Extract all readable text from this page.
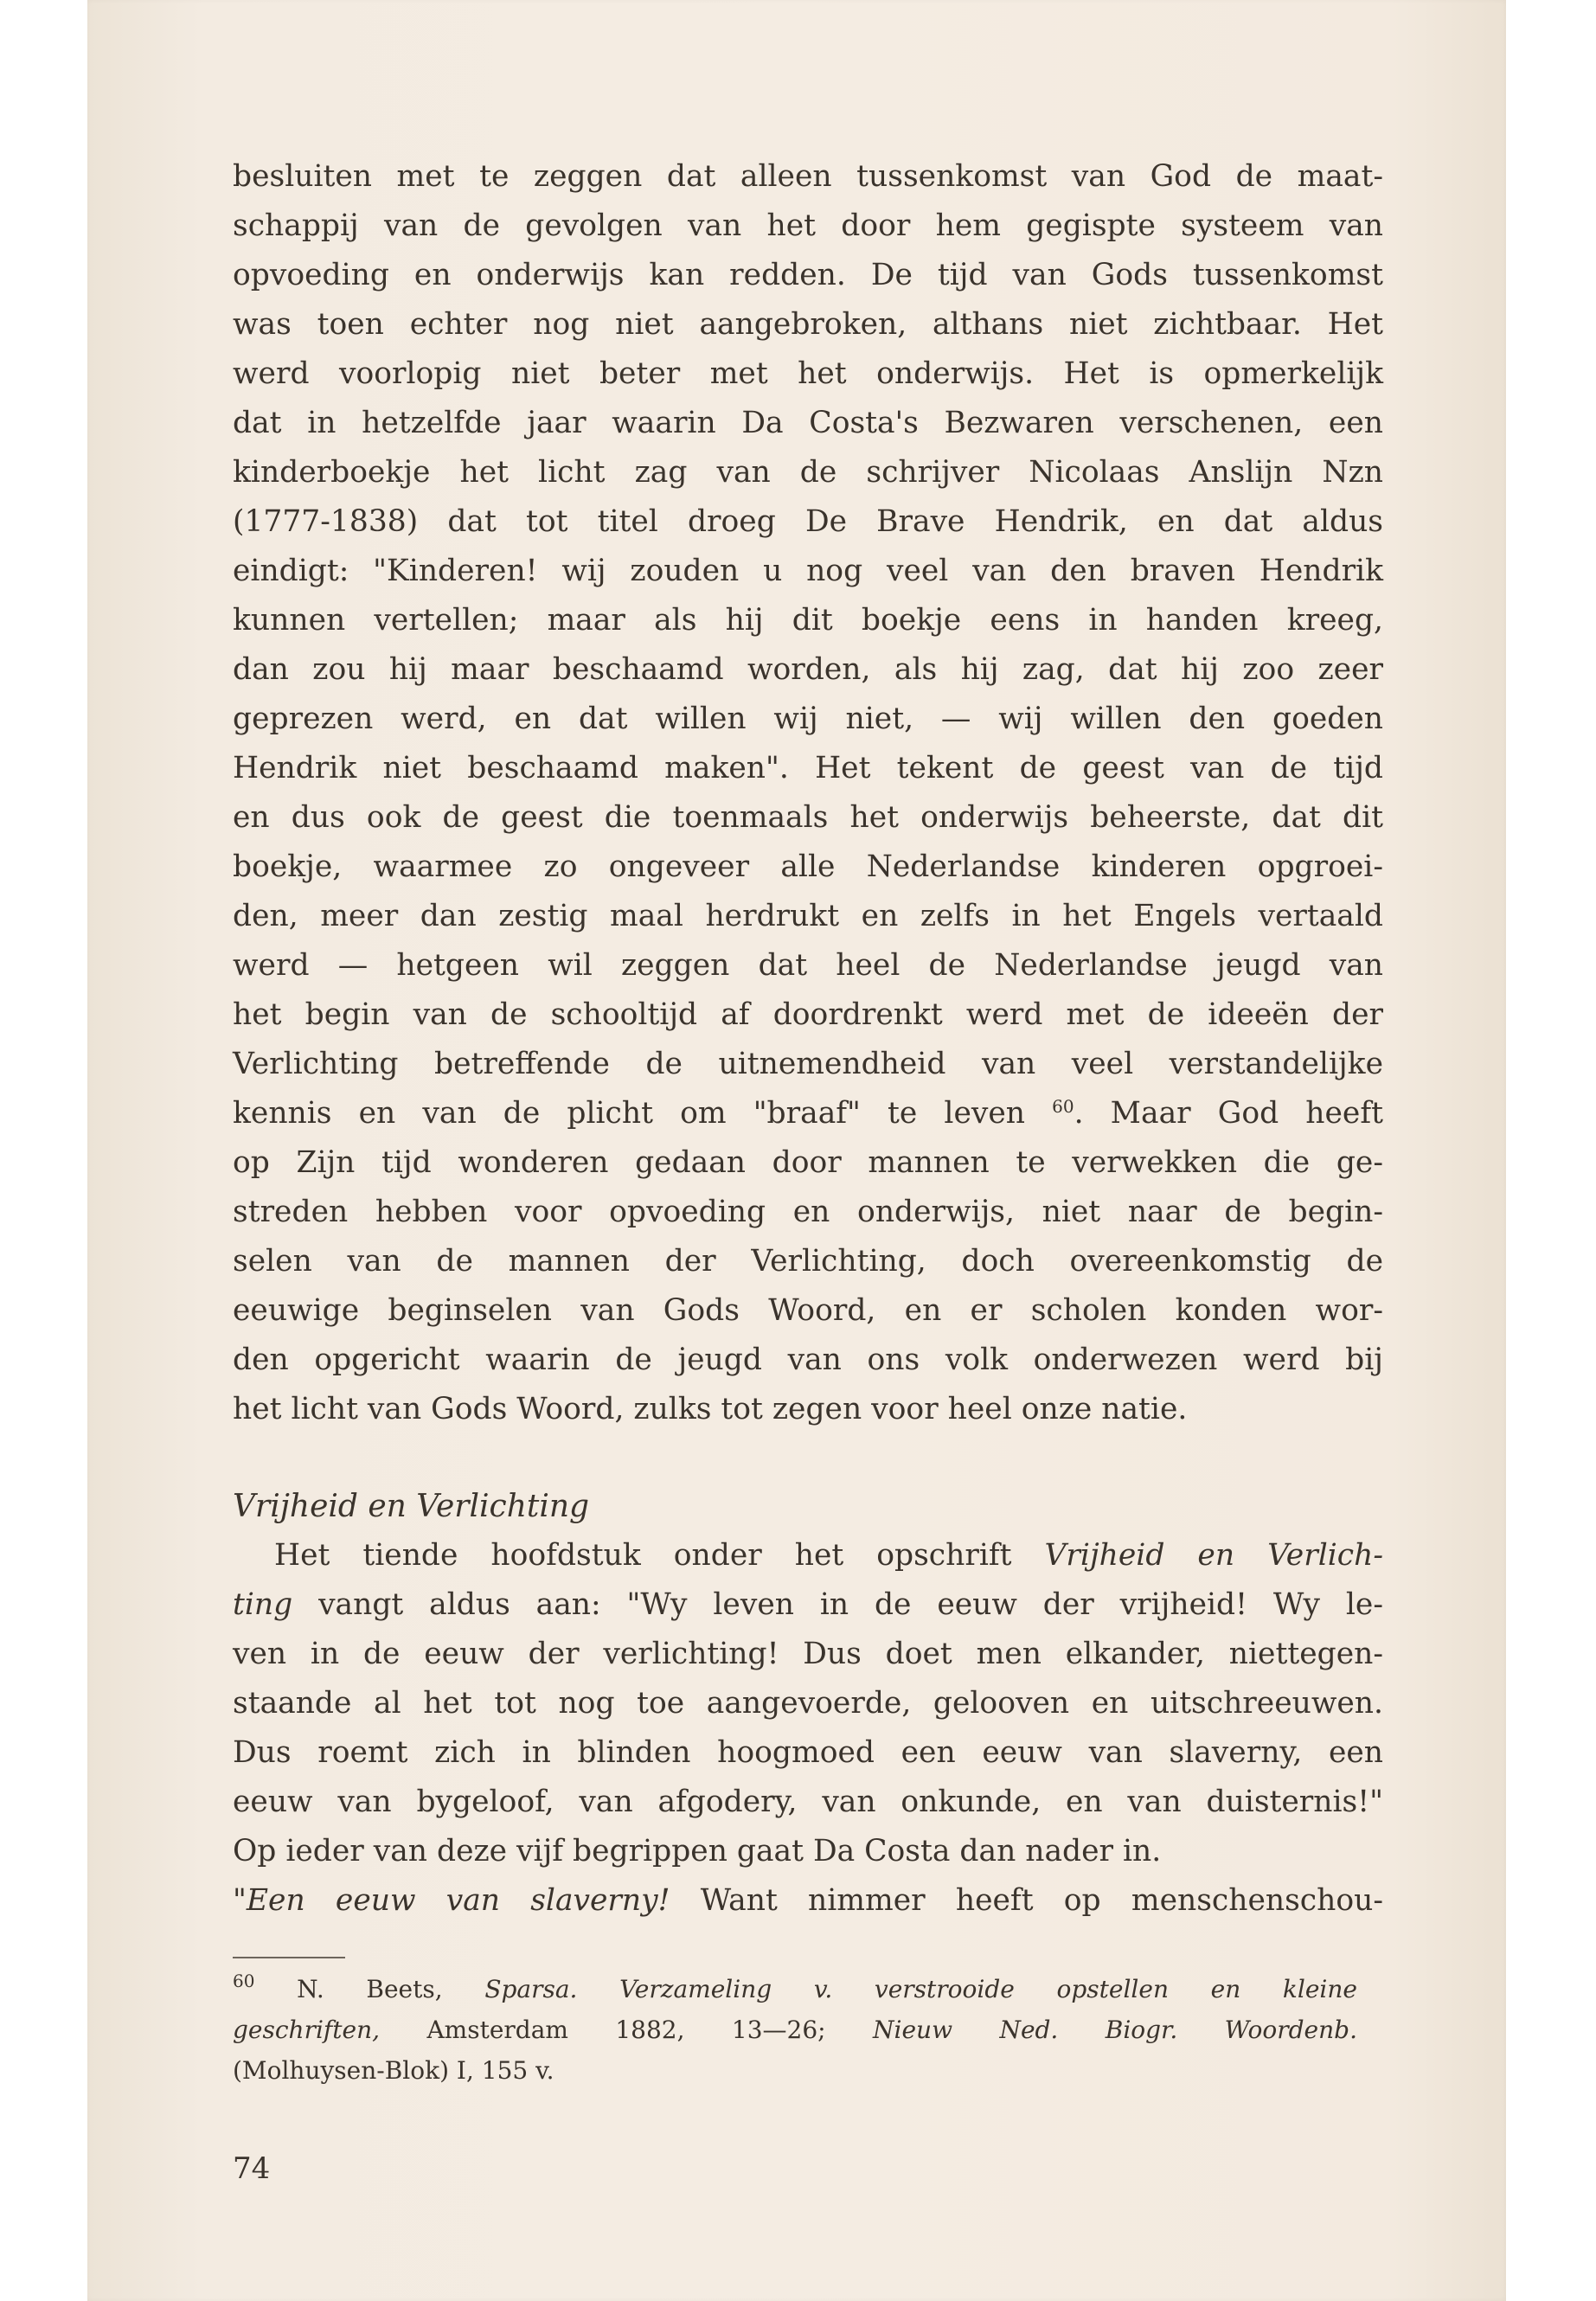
besluiten met te zeggen dat alleen tussenkomst van God de maat-
schappij van de gevolgen van het door hem gegispte systeem van
opvoeding en onderwijs kan redden. De tijd van Gods tussenkomst
was toen echter nog niet aangebroken, althans niet zichtbaar. Het
werd voorlopig niet beter met het onderwijs. Het is opmerkelijk
dat in hetzelfde jaar waarin Da Costa's Bezwaren verschenen, een
kinderboekje het licht zag van de schrijver Nicolaas Anslijn Nzn
(1777-1838) dat tot titel droeg De Brave Hendrik, en dat aldus
eindigt: "Kinderen! wij zouden u nog veel van den braven Hendrik
kunnen vertellen; maar als hij dit boekje eens in handen kreeg,
dan zou hij maar beschaamd worden, als hij zag, dat hij zoo zeer
geprezen werd, en dat willen wij niet, — wij willen den goeden
Hendrik niet beschaamd maken". Het tekent de geest van de tijd
en dus ook de geest die toenmaals het onderwijs beheerste, dat dit
boekje, waarmee zo ongeveer alle Nederlandse kinderen opgroei-
den, meer dan zestig maal herdrukt en zelfs in het Engels vertaald
werd — hetgeen wil zeggen dat heel de Nederlandse jeugd van
het begin van de schooltijd af doordrenkt werd met de ideeën der
Verlichting betreffende de uitnemendheid van veel verstandelijke
kennis en van de plicht om "braaf" te leven $^{60}$. Maar God heeft
op Zijn tijd wonderen gedaan door mannen te verwekken die ge-
streden hebben voor opvoeding en onderwijs, niet naar de begin-
selen van de mannen der Verlichting, doch overeenkomstig de
eeuwige beginselen van Gods Woord, en er scholen konden wor-
den opgericht waarin de jeugd van ons volk onderwezen werd bij
het licht van Gods Woord, zulks tot zegen voor heel onze natie.
Vrijheid en Verlichting
Het tiende hoofdstuk onder het opschrift Vrijheid en Verlich-
ting vangt aldus aan: "Wy leven in de eeuw der vrijheid! Wy le-
ven in de eeuw der verlichting! Dus doet men elkander, niettegen-
staande al het tot nog toe aangevoerde, gelooven en uitschreeuwen.
Dus roemt zich in blinden hoogmoed een eeuw van slaverny, een
eeuw van bygeloof, van afgodery, van onkunde, en van duisternis!"
Op ieder van deze vijf begrippen gaat Da Costa dan nader in.
"Een eeuw van slaverny! Want nimmer heeft op menschenschou-
$^{60}$ N. Beets, Sparsa. Verzameling v. verstrooide opstellen en kleine
geschriften, Amsterdam 1882, 13—26; Nieuw Ned. Biogr. Woordenb.
(Molhuysen-Blok) I, 155 v.
74
